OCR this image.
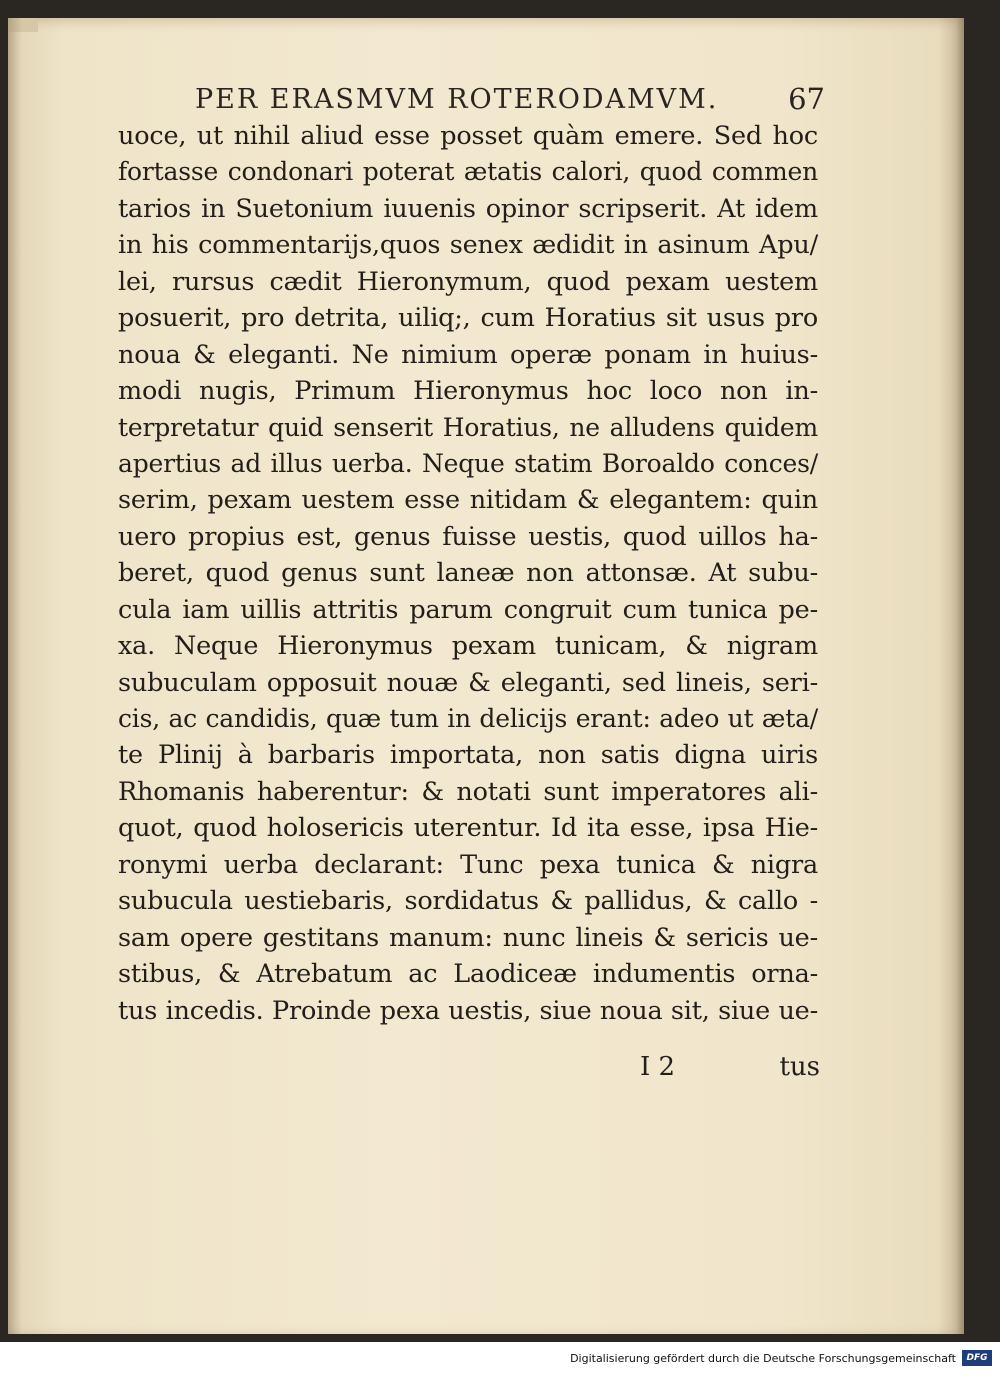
PER ERASMVM ROTERODAMVM. 67
uoce, ut nihil aliud esse posset quàm emere. Sed hoc
fortasse condonari poterat ætatis calori, quod commen
tarios in Suetonium iuuenis opinor scripserit. At idem
in his commentarijs,quos senex ædidit in asinum Apu/
lei, rursus cædit Hieronymum, quod pexam uestem
posuerit, pro detrita, uiliq;, cum Horatius sit usus pro
noua & eleganti. Ne nimium operæ ponam in huius-
modi nugis, Primum Hieronymus hoc loco non in-
terpretatur quid senserit Horatius, ne alludens quidem
apertius ad illus uerba. Neque statim Boroaldo conces/
serim, pexam uestem esse nitidam & elegantem: quin
uero propius est, genus fuisse uestis, quod uillos ha-
beret, quod genus sunt laneæ non attonsæ. At subu-
cula iam uillis attritis parum congruit cum tunica pe-
xa. Neque Hieronymus pexam tunicam, & nigram
subuculam opposuit nouæ & eleganti, sed lineis, seri-
cis, ac candidis, quæ tum in delicijs erant: adeo ut æta/
te Plinij à barbaris importata, non satis digna uiris
Rhomanis haberentur: & notati sunt imperatores ali-
quot, quod holosericis uterentur. Id ita esse, ipsa Hie-
ronymi uerba declarant: Tunc pexa tunica & nigra
subucula uestiebaris, sordidatus & pallidus, & callo -
sam opere gestitans manum: nunc lineis & sericis ue-
stibus, & Atrebatum ac Laodiceæ indumentis orna-
tus incedis. Proinde pexa uestis, siue noua sit, siue ue-
I 2	tus
Digitalisierung gefördert durch die Deutsche Forschungsgemeinschaft	DFG
